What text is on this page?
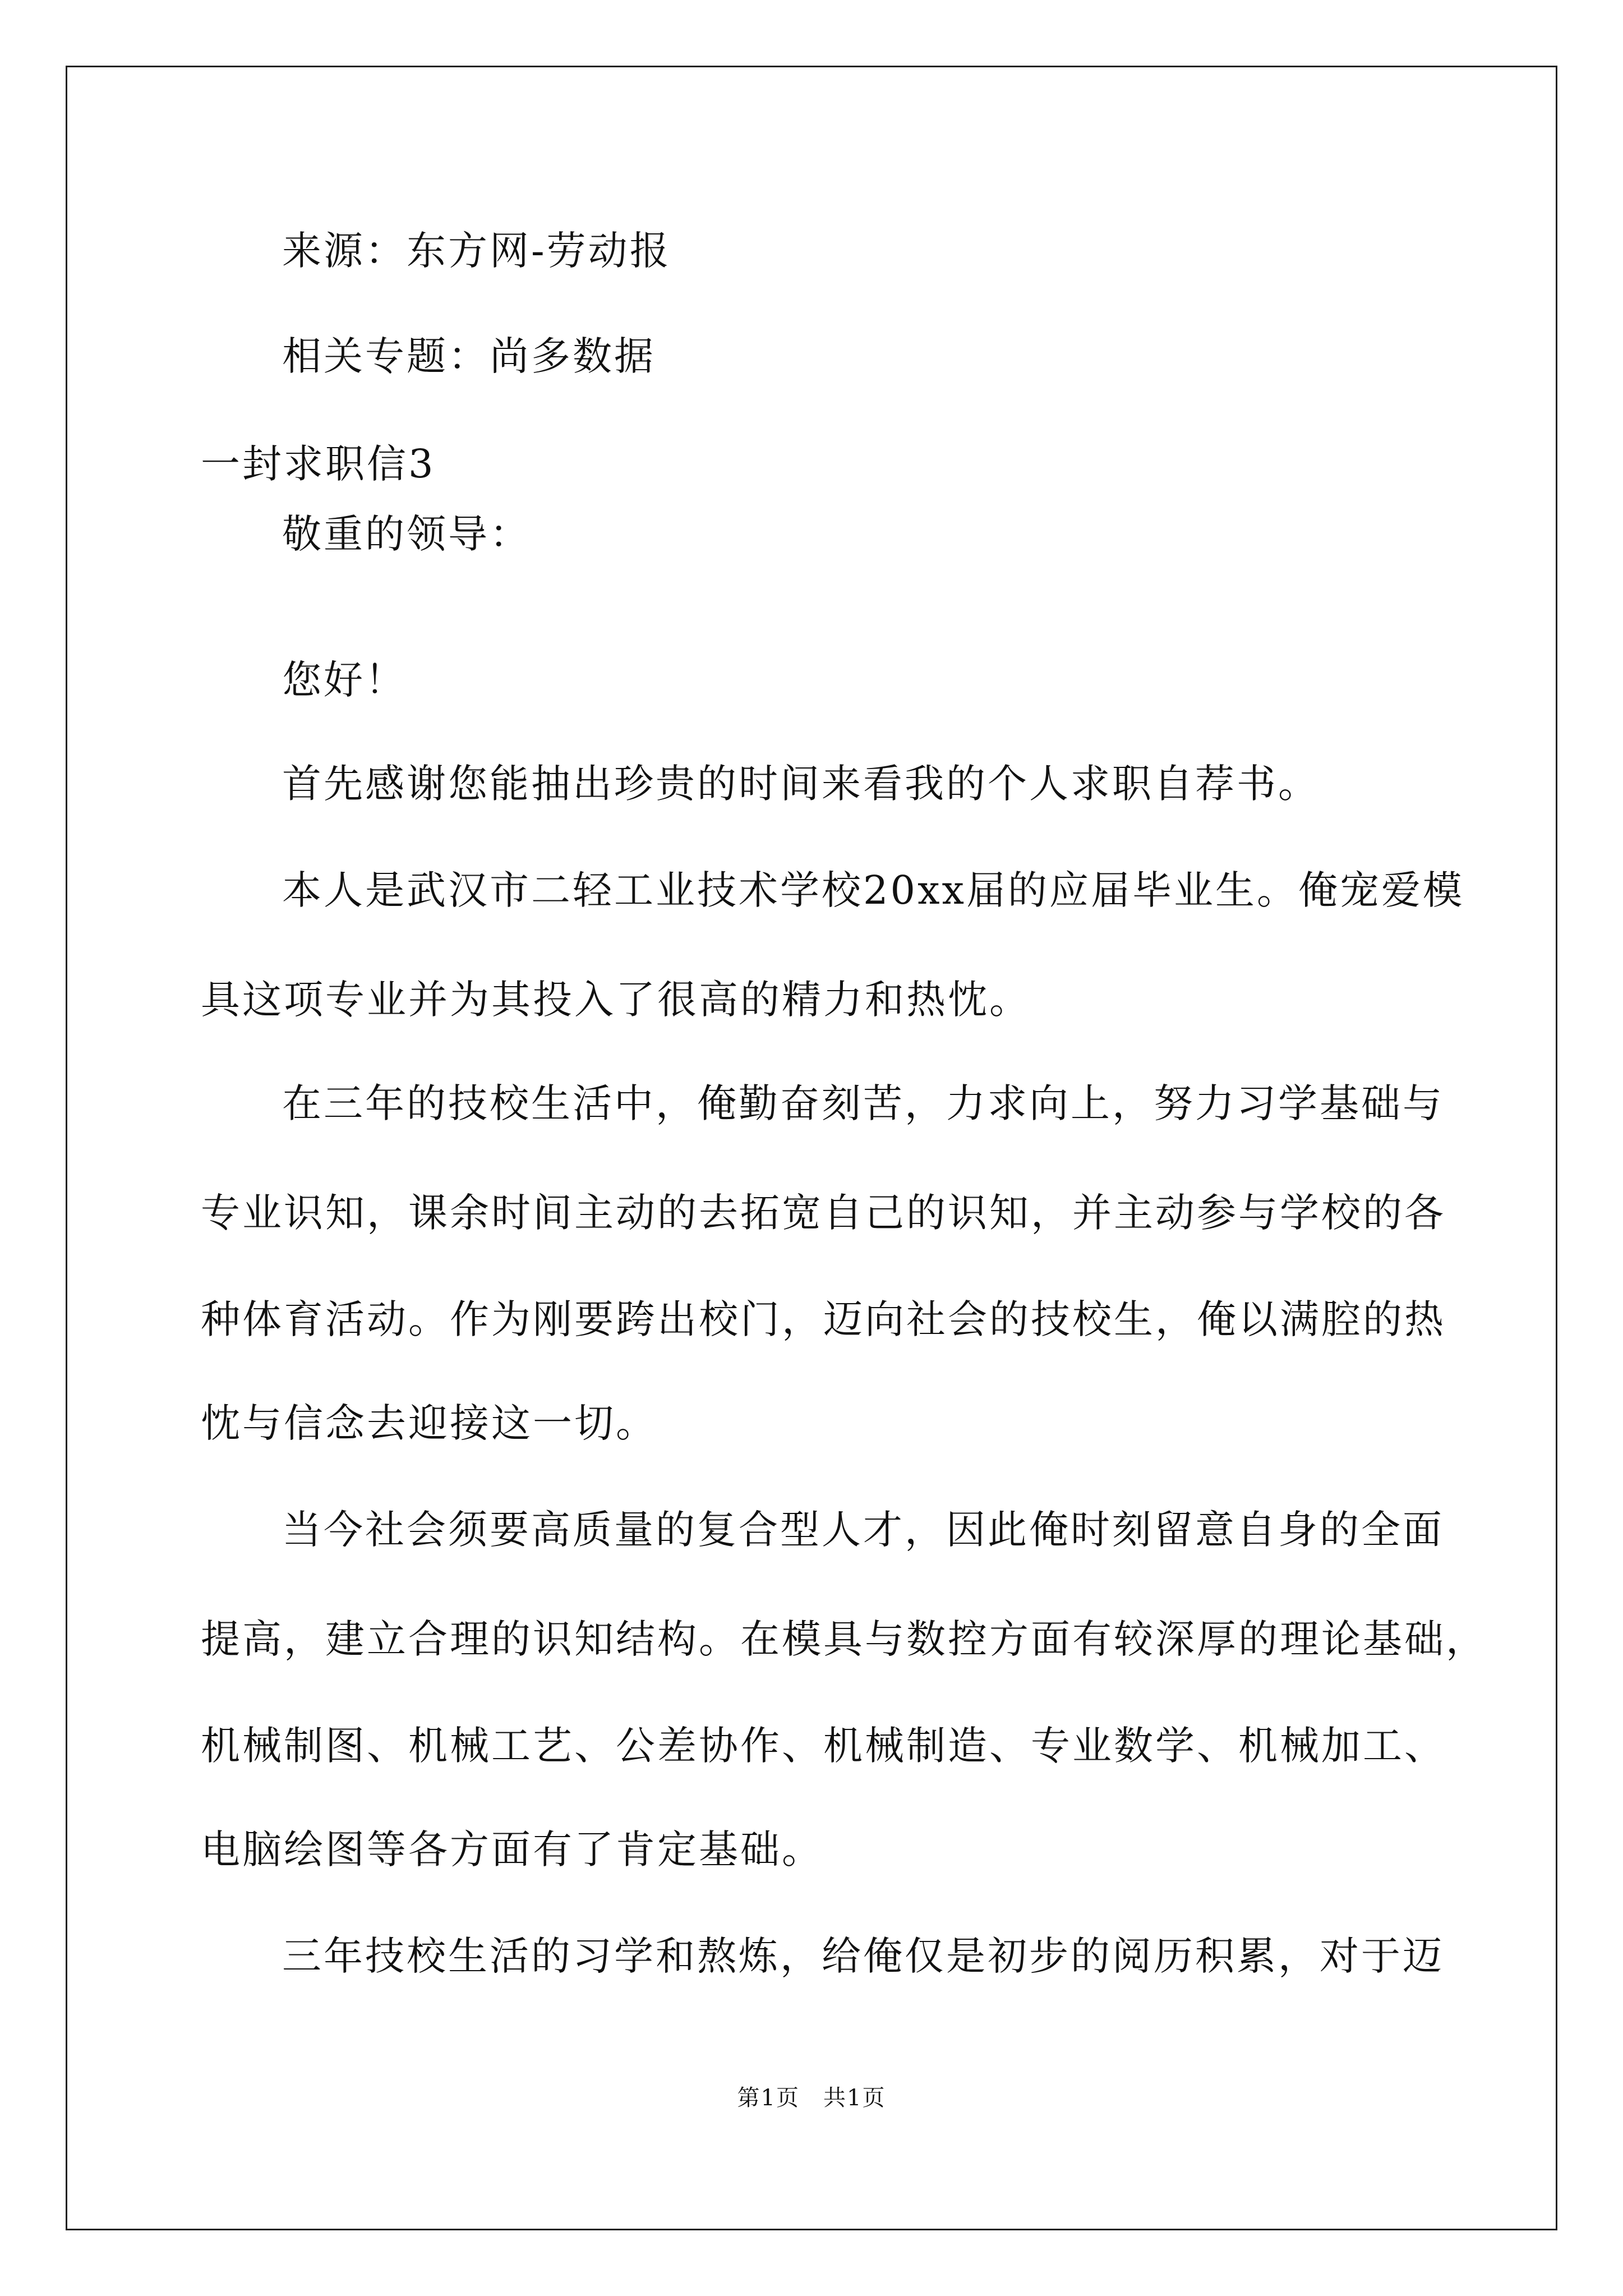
来源：东方网-劳动报
相关专题：尚多数据
一封求职信3
敬重的领导：
您好！
首先感谢您能抽出珍贵的时间来看我的个人求职自荐书。
本人是武汉市二轻工业技术学校20xx届的应届毕业生。俺宠爱模
具这项专业并为其投入了很高的精力和热忱。
在三年的技校生活中，俺勤奋刻苦，力求向上，努力习学基础与
专业识知，课余时间主动的去拓宽自己的识知，并主动参与学校的各
种体育活动。作为刚要跨出校门，迈向社会的技校生，俺以满腔的热
忱与信念去迎接这一切。
当今社会须要高质量的复合型人才，因此俺时刻留意自身的全面
提高，建立合理的识知结构。在模具与数控方面有较深厚的理论基础，
机械制图、机械工艺、公差协作、机械制造、专业数学、机械加工、
电脑绘图等各方面有了肯定基础。
三年技校生活的习学和熬炼，给俺仅是初步的阅历积累，对于迈
第1页 共1页
